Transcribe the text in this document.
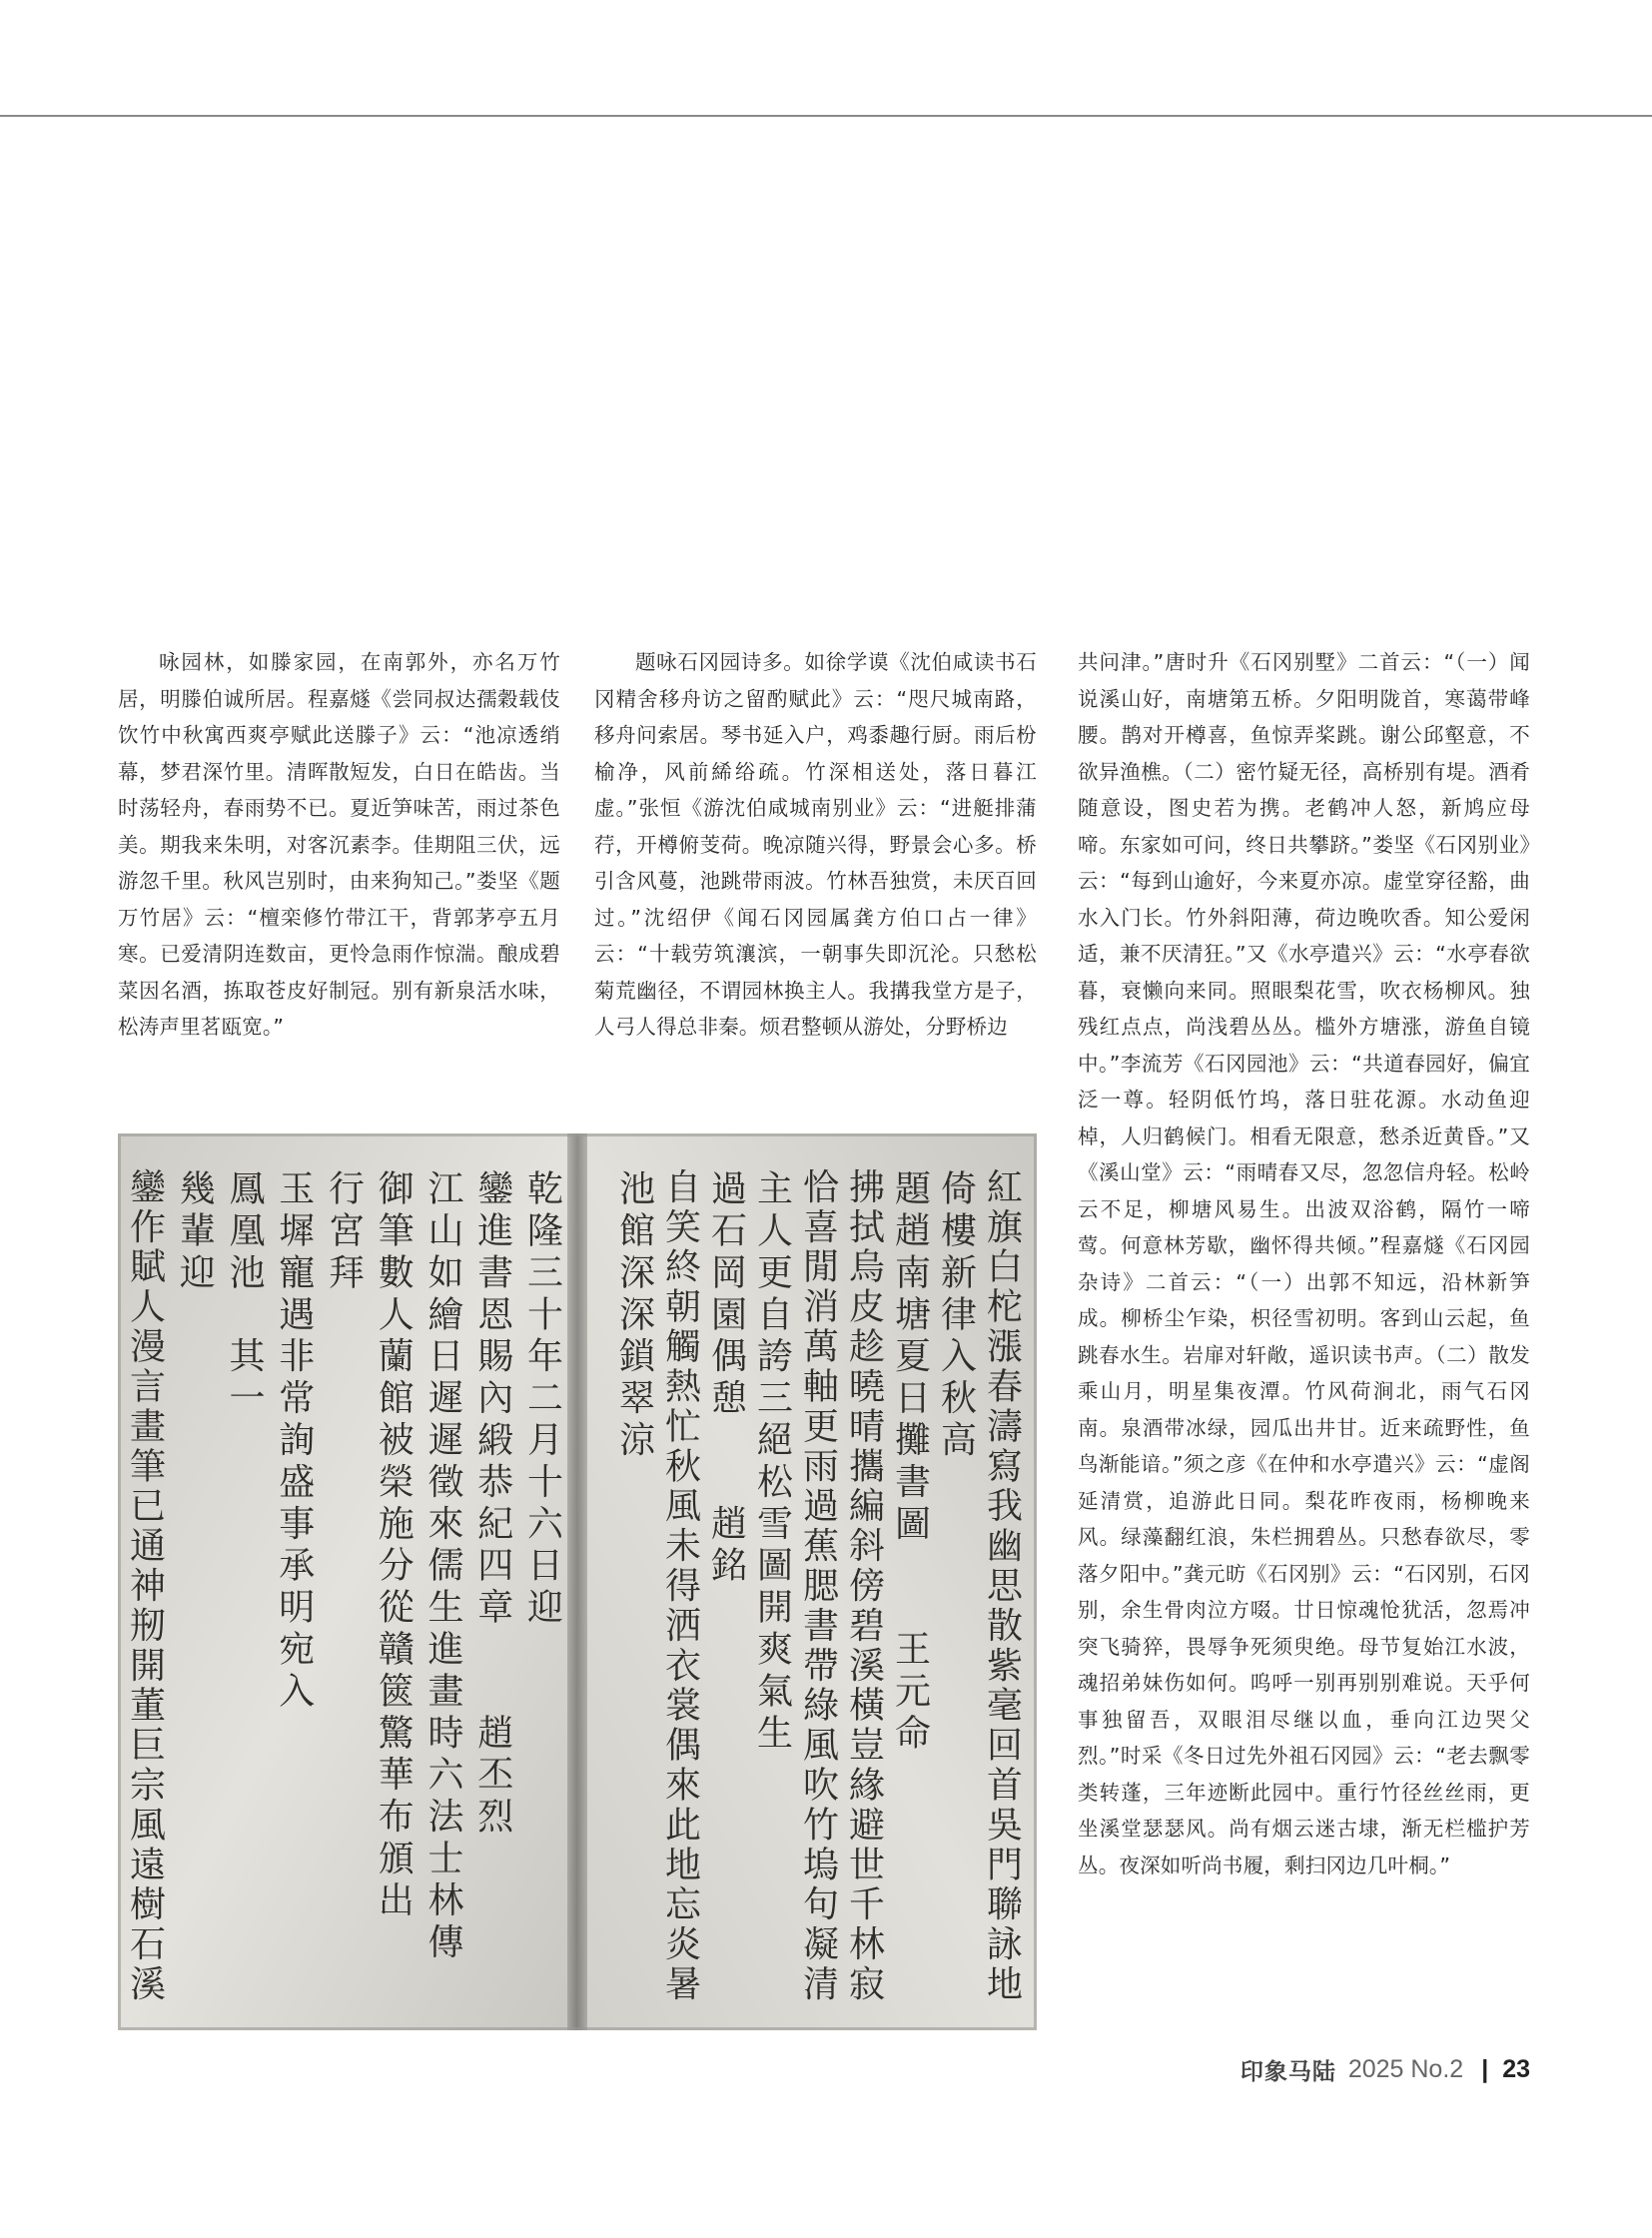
咏园林，如滕家园，在南郭外，亦名万竹居，明滕伯诚所居。程嘉燧《尝同叔达孺穀载伎饮竹中秋寓西爽亭赋此送滕子》云：“池凉透绡幕，梦君深竹里。清晖散短发，白日在皓齿。当时荡轻舟，春雨势不已。夏近笋味苦，雨过茶色美。期我来朱明，对客沉素李。佳期阻三伏，远游忽千里。秋风岂别时，由来狗知己。”娄坚《题万竹居》云：“檀栾修竹带江干，背郭茅亭五月寒。已爱清阴连数亩，更怜急雨作惊湍。酿成碧菜因名酒，拣取苍皮好制冠。别有新泉活水味，松涛声里茗瓯宽。”

题咏石冈园诗多。如徐学谟《沈伯咸读书石冈精舍移舟访之留酌赋此》云：“咫尺城南路，移舟问索居。琴书延入户，鸡黍趣行厨。雨后枌榆净，风前絺绤疏。竹深相送处，落日暮江虚。”张恒《游沈伯咸城南别业》云：“进艇排蒲荇，开樽俯芰荷。晚凉随兴得，野景会心多。桥引含风蔓，池跳带雨波。竹林吾独赏，未厌百回过。”沈绍伊《闻石冈园属龚方伯口占一律》云：“十载劳筑瀼滨，一朝事失即沉沦。只愁松菊荒幽径，不谓园林换主人。我搆我堂方是子，人弓人得总非秦。烦君整顿从游处，分野桥边

共问津。”唐时升《石冈别墅》二首云：“（一）闻说溪山好，南塘第五桥。夕阳明陇首，寒蔼带峰腰。鹊对开樽喜，鱼惊弄桨跳。谢公邱壑意，不欲异渔樵。（二）密竹疑无径，高桥别有堤。酒肴随意设，图史若为携。老鹤冲人怒，新鸠应母啼。东家如可问，终日共攀跻。”娄坚《石冈别业》云：“每到山逾好，今来夏亦凉。虚堂穿径豁，曲水入门长。竹外斜阳薄，荷边晚吹香。知公爱闲适，兼不厌清狂。”又《水亭遣兴》云：“水亭春欲暮，衰懒向来同。照眼梨花雪，吹衣杨柳风。独残红点点，尚浅碧丛丛。槛外方塘涨，游鱼自镜中。”李流芳《石冈园池》云：“共道春园好，偏宜泛一尊。轻阴低竹坞，落日驻花源。水动鱼迎棹，人归鹤候门。相看无限意，愁杀近黄昏。”又《溪山堂》云：“雨晴春又尽，忽忽信舟轻。松岭云不足，柳塘风易生。出波双浴鹤，隔竹一啼莺。何意林芳歇，幽怀得共倾。”程嘉燧《石冈园杂诗》二首云：“（一）出郭不知远，沿林新笋成。柳桥尘乍染，枳径雪初明。客到山云起，鱼跳春水生。岩扉对轩敞，遥识读书声。（二）散发乘山月，明星集夜潭。竹风荷涧北，雨气石冈南。泉酒带冰绿，园瓜出井甘。近来疏野性，鱼鸟渐能谙。”须之彦《在仲和水亭遣兴》云：“虚阁延清赏，追游此日同。梨花昨夜雨，杨柳晚来风。绿藻翻红浪，朱栏拥碧丛。只愁春欲尽，零落夕阳中。”龚元昉《石冈别》云：“石冈别，石冈别，余生骨肉泣方啜。廿日惊魂怆犹活，忽焉冲突飞骑猝，畏辱争死须臾绝。母节复始江水波，魂招弟妹伤如何。呜呼一别再别别难说。天乎何事独留吾，双眼泪尽继以血，垂向江边哭父烈。”时采《冬日过先外祖石冈园》云：“老去飘零类转蓬，三年迹断此园中。重行竹径丝丝雨，更坐溪堂瑟瑟风。尚有烟云迷古埭，渐无栏槛护芳丛。夜深如听尚书履，剩扫冈边几叶桐。”

紅旗白柁漲春濤寫我幽思散紫毫回首吳門聯詠地
倚樓新律入秋高
題趙南塘夏日攤書圖　　王元命
拂拭烏皮趁曉晴攜編斜傍碧溪橫豈緣避世千林寂
恰喜閒消萬軸更雨過蕉腮書帶綠風吹竹塢句凝清
主人更自誇三絕松雪圖開爽氣生
過石岡園偶憩　　趙銘
自笑終朝觸熱忙秋風未得洒衣裳偶來此地忘炎暑
池館深深鎖翠涼
乾隆三十年二月十六日迎
鑾進書恩賜內緞恭紀四章　　趙丕烈
江山如繪日遲遲徵來儒生進畫時六法士林傳
御筆數人蘭館被榮施分從贛篋驚華布頒出
行宮拜
玉墀寵遇非常詢盛事承明宛入
鳳凰池　其一
幾輩迎
鑾作賦人漫言畫筆已通神剏開董巨宗風遠樹石溪
印象马陆 2025 No.2 | 23
